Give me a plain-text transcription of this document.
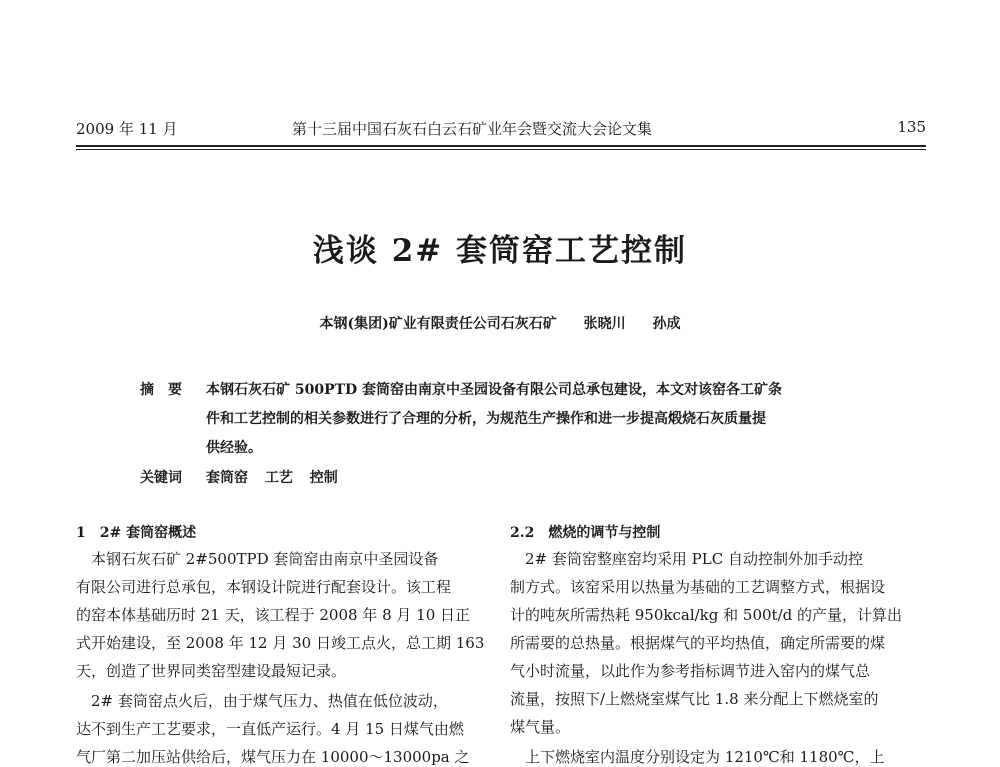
2009 年 11 月	第十三届中国石灰石白云石矿业年会暨交流大会论文集	135
浅谈 2# 套筒窑工艺控制
本钢(集团)矿业有限责任公司石灰石矿 张晓川 孙成
摘　要 本钢石灰石矿 500PTD 套筒窑由南京中圣园设备有限公司总承包建设，本文对该窑各工矿条
件和工艺控制的相关参数进行了合理的分析，为规范生产操作和进一步提高煅烧石灰质量提
供经验。
关键词 套筒窑 工艺 控制
1　2# 套筒窑概述
　本钢石灰石矿 2#500TPD 套筒窑由南京中圣园设备
有限公司进行总承包，本钢设计院进行配套设计。该工程
的窑本体基础历时 21 天，该工程于 2008 年 8 月 10 日正
式开始建设，至 2008 年 12 月 30 日竣工点火，总工期 163
天，创造了世界同类窑型建设最短记录。
　2# 套筒窑点火后，由于煤气压力、热值在低位波动，
达不到生产工艺要求，一直低产运行。4 月 15 日煤气由燃
气厂第二加压站供给后，煤气压力在 10000～13000pa 之
2.2　燃烧的调节与控制
　2# 套筒窑整座窑均采用 PLC 自动控制外加手动控
制方式。该窑采用以热量为基础的工艺调整方式，根据设
计的吨灰所需热耗 950kcal/kg 和 500t/d 的产量，计算出
所需要的总热量。根据煤气的平均热值，确定所需要的煤
气小时流量，以此作为参考指标调节进入窑内的煤气总
流量，按照下/上燃烧室煤气比 1.8 来分配上下燃烧室的
煤气量。
　上下燃烧室内温度分别设定为 1210℃和 1180℃，上
